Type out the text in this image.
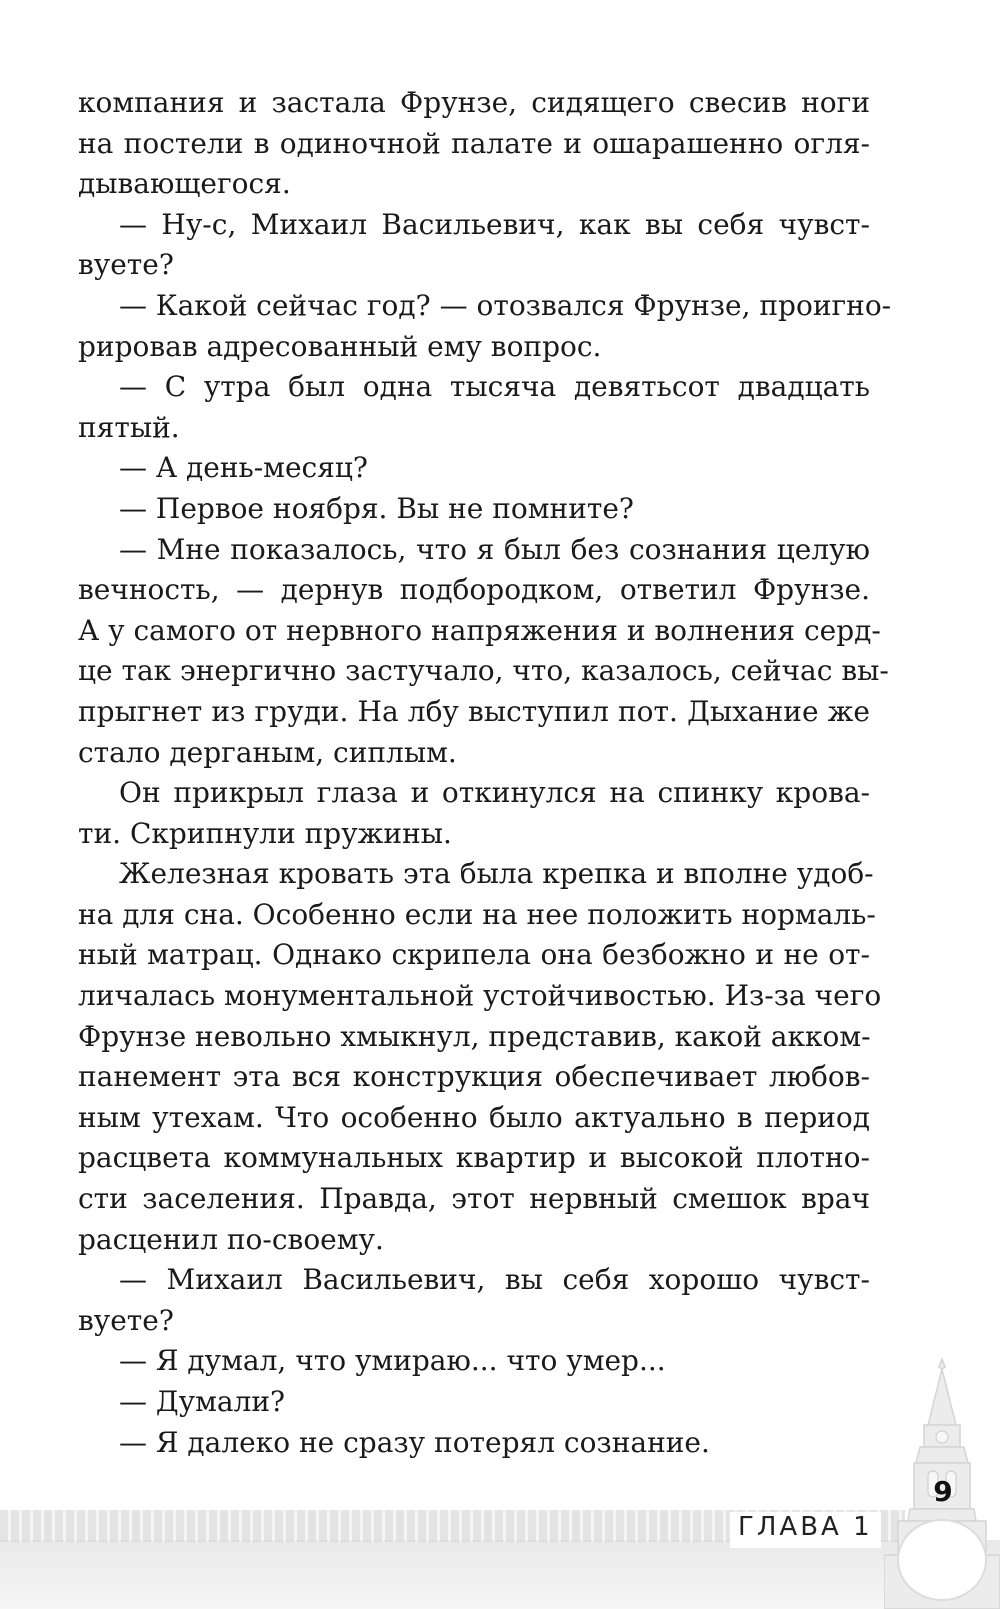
компания и застала Фрунзе, сидящего свесив ноги
на постели в одиночной палате и ошарашенно огля-
дывающегося.
— Ну-с, Михаил Васильевич, как вы себя чувст-
вуете?
— Какой сейчас год? — отозвался Фрунзе, проигно-
рировав адресованный ему вопрос.
— С утра был одна тысяча девятьсот двадцать
пятый.
— А день-месяц?
— Первое ноября. Вы не помните?
— Мне показалось, что я был без сознания целую
вечность, — дернув подбородком, ответил Фрунзе.
А у самого от нервного напряжения и волнения серд-
це так энергично застучало, что, казалось, сейчас вы-
прыгнет из груди. На лбу выступил пот. Дыхание же
стало дерганым, сиплым.
Он прикрыл глаза и откинулся на спинку крова-
ти. Скрипнули пружины.
Железная кровать эта была крепка и вполне удоб-
на для сна. Особенно если на нее положить нормаль-
ный матрац. Однако скрипела она безбожно и не от-
личалась монументальной устойчивостью. Из-за чего
Фрунзе невольно хмыкнул, представив, какой акком-
панемент эта вся конструкция обеспечивает любов-
ным утехам. Что особенно было актуально в период
расцвета коммунальных квартир и высокой плотно-
сти заселения. Правда, этот нервный смешок врач
расценил по-своему.
— Михаил Васильевич, вы себя хорошо чувст-
вуете?
— Я думал, что умираю... что умер...
— Думали?
— Я далеко не сразу потерял сознание.
ГЛАВА 1
9
